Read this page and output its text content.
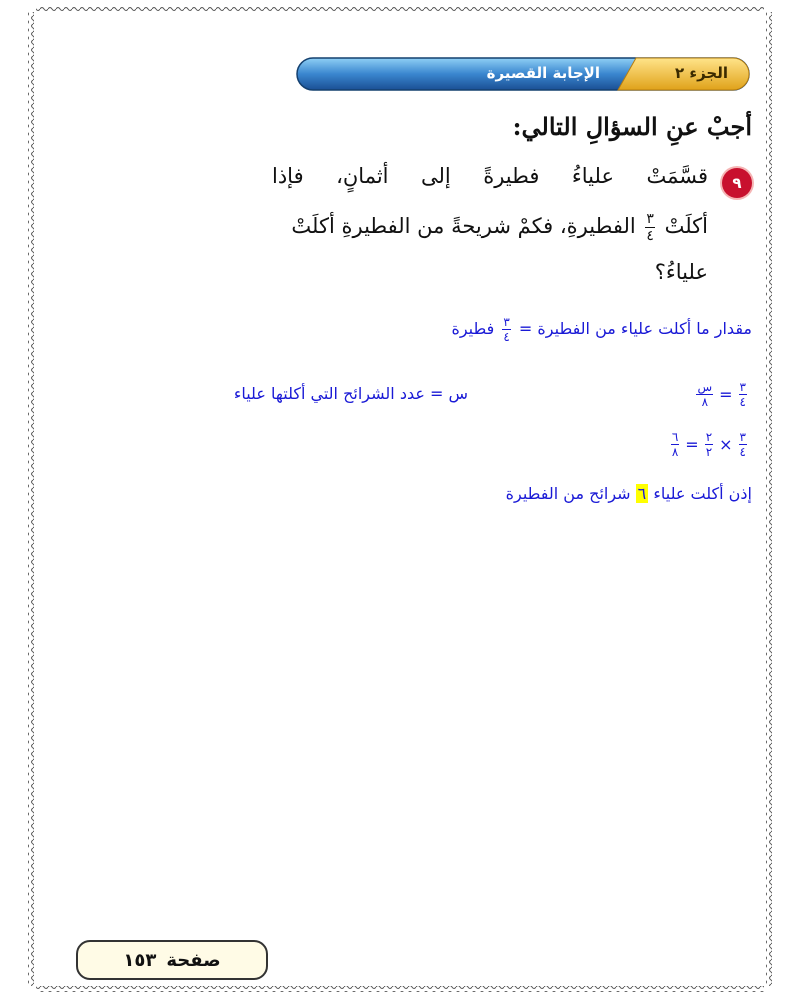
الجزء ٢
الإجابة القصيرة
أجبْ عنِ السؤالِ التالي:
٩
قسَّمَتْ علياءُ فطيرةً إلى أثمانٍ، فإذا
أكلَتْ
$\frac{٣}{٤}$
الفطيرةِ، فكمْ شريحةً من الفطيرةِ أكلَتْ
علياءُ؟
مقدار ما أكلت علياء من الفطيرة =
$\frac{٣}{٤}$
فطيرة
س = عدد الشرائح التي أكلتها علياء	$\frac{\text{س}}{٨} = \frac{٣}{٤}$
$\frac{٦}{٨} = \frac{٢}{٢} \times \frac{٣}{٤}$
إذن أكلت علياء ٦ شرائح من الفطيرة
صفحة
١٥٣
